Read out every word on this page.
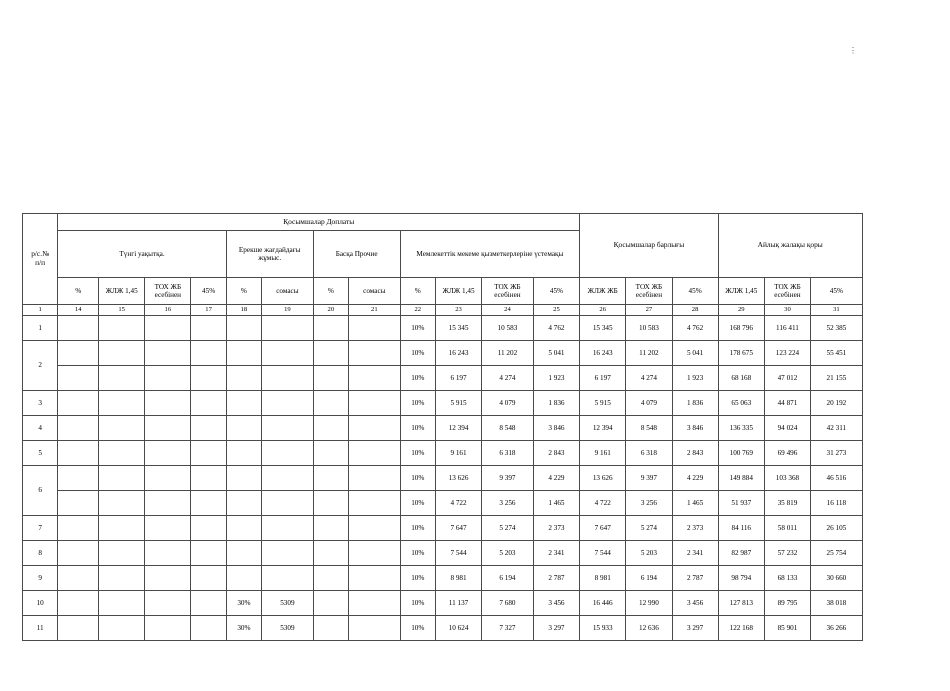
⋮
р/с.№
п/п	Қосымшалар Доплаты												Қосымшалар барлығы			Айлық жалақы қоры		
	Түнгі уақытқа.				Ерекше жағдайдағы жұмыс.		Басқа Прочие		Мемлекеттік мекеме қызметкерлеріне үстемақы									
	%	ЖЛЖ 1,45	ТОХ ЖБ есебінен	45%	%	сомасы	%	сомасы	%	ЖЛЖ 1,45	ТОХ ЖБ есебінен	45%	ЖЛЖ ЖБ	ТОХ ЖБ есебінен	45%	ЖЛЖ 1,45	ТОХ ЖБ есебінен	45%
1	14	15	16	17	18	19	20	21	22	23	24	25	26	27	28	29	30	31
1									10%	15 345	10 583	4 762	15 345	10 583	4 762	168 796	116 411	52 385
2									10%	16 243	11 202	5 041	16 243	11 202	5 041	178 675	123 224	55 451
									10%	6 197	4 274	1 923	6 197	4 274	1 923	68 168	47 012	21 155
3									10%	5 915	4 079	1 836	5 915	4 079	1 836	65 063	44 871	20 192
4									10%	12 394	8 548	3 846	12 394	8 548	3 846	136 335	94 024	42 311
5									10%	9 161	6 318	2 843	9 161	6 318	2 843	100 769	69 496	31 273
6									10%	13 626	9 397	4 229	13 626	9 397	4 229	149 884	103 368	46 516
									10%	4 722	3 256	1 465	4 722	3 256	1 465	51 937	35 819	16 118
7									10%	7 647	5 274	2 373	7 647	5 274	2 373	84 116	58 011	26 105
8									10%	7 544	5 203	2 341	7 544	5 203	2 341	82 987	57 232	25 754
9									10%	8 981	6 194	2 787	8 981	6 194	2 787	98 794	68 133	30 660
10					30%	5309			10%	11 137	7 680	3 456	16 446	12 990	3 456	127 813	89 795	38 018
11					30%	5309			10%	10 624	7 327	3 297	15 933	12 636	3 297	122 168	85 901	36 266
